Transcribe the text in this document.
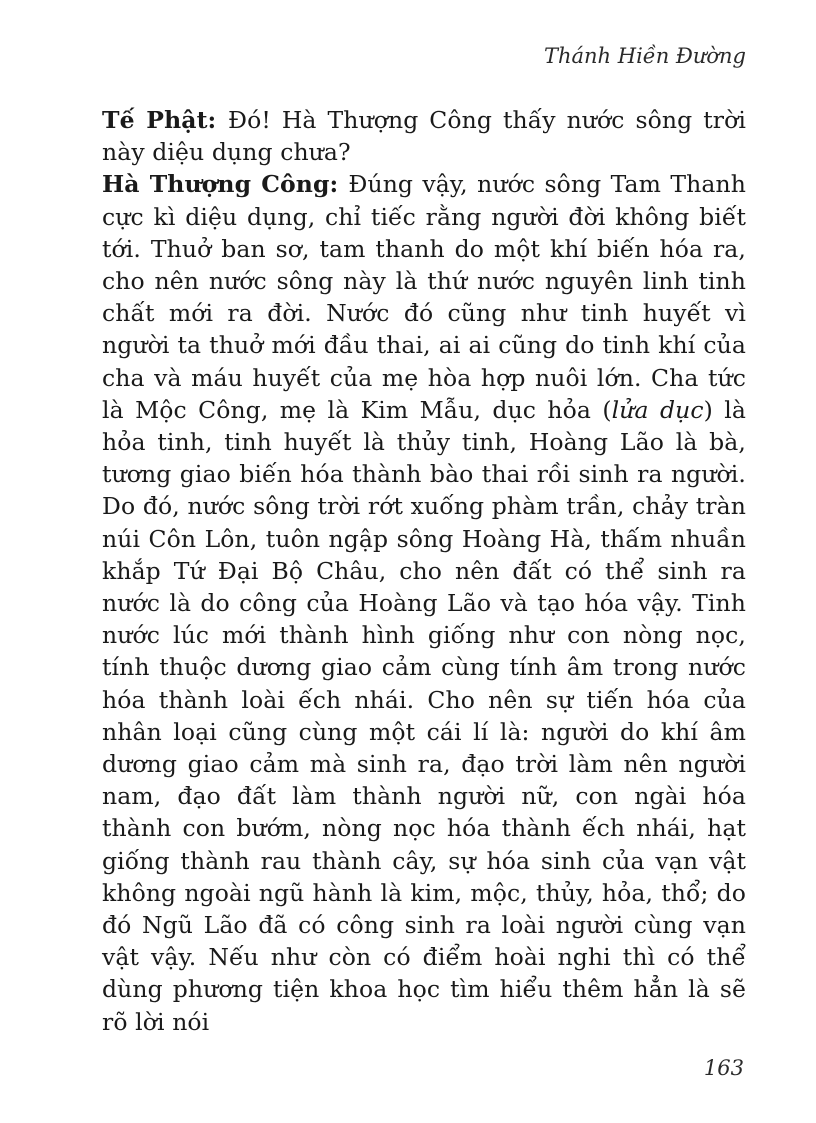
Thánh Hiền Đường

Tế Phật: Đó! Hà Thượng Công thấy nước sông trời này diệu dụng chưa?

Hà Thượng Công: Đúng vậy, nước sông Tam Thanh cực kì diệu dụng, chỉ tiếc rằng người đời không biết tới. Thuở ban sơ, tam thanh do một khí biến hóa ra, cho nên nước sông này là thứ nước nguyên linh tinh chất mới ra đời. Nước đó cũng như tinh huyết vì người ta thuở mới đầu thai, ai ai cũng do tinh khí của cha và máu huyết của mẹ hòa hợp nuôi lớn. Cha tức là Mộc Công, mẹ là Kim Mẫu, dục hỏa (lửa dục) là hỏa tinh, tinh huyết là thủy tinh, Hoàng Lão là bà, tương giao biến hóa thành bào thai rồi sinh ra người. Do đó, nước sông trời rớt xuống phàm trần, chảy tràn núi Côn Lôn, tuôn ngập sông Hoàng Hà, thấm nhuần khắp Tứ Đại Bộ Châu, cho nên đất có thể sinh ra nước là do công của Hoàng Lão và tạo hóa vậy. Tinh nước lúc mới thành hình giống như con nòng nọc, tính thuộc dương giao cảm cùng tính âm trong nước hóa thành loài ếch nhái. Cho nên sự tiến hóa của nhân loại cũng cùng một cái lí là: người do khí âm dương giao cảm mà sinh ra, đạo trời làm nên người nam, đạo đất làm thành người nữ, con ngài hóa thành con bướm, nòng nọc hóa thành ếch nhái, hạt giống thành rau thành cây, sự hóa sinh của vạn vật không ngoài ngũ hành là kim, mộc, thủy, hỏa, thổ; do đó Ngũ Lão đã có công sinh ra loài người cùng vạn vật vậy. Nếu như còn có điểm hoài nghi thì có thể dùng phương tiện khoa học tìm hiểu thêm hẳn là sẽ rõ lời nói

163
